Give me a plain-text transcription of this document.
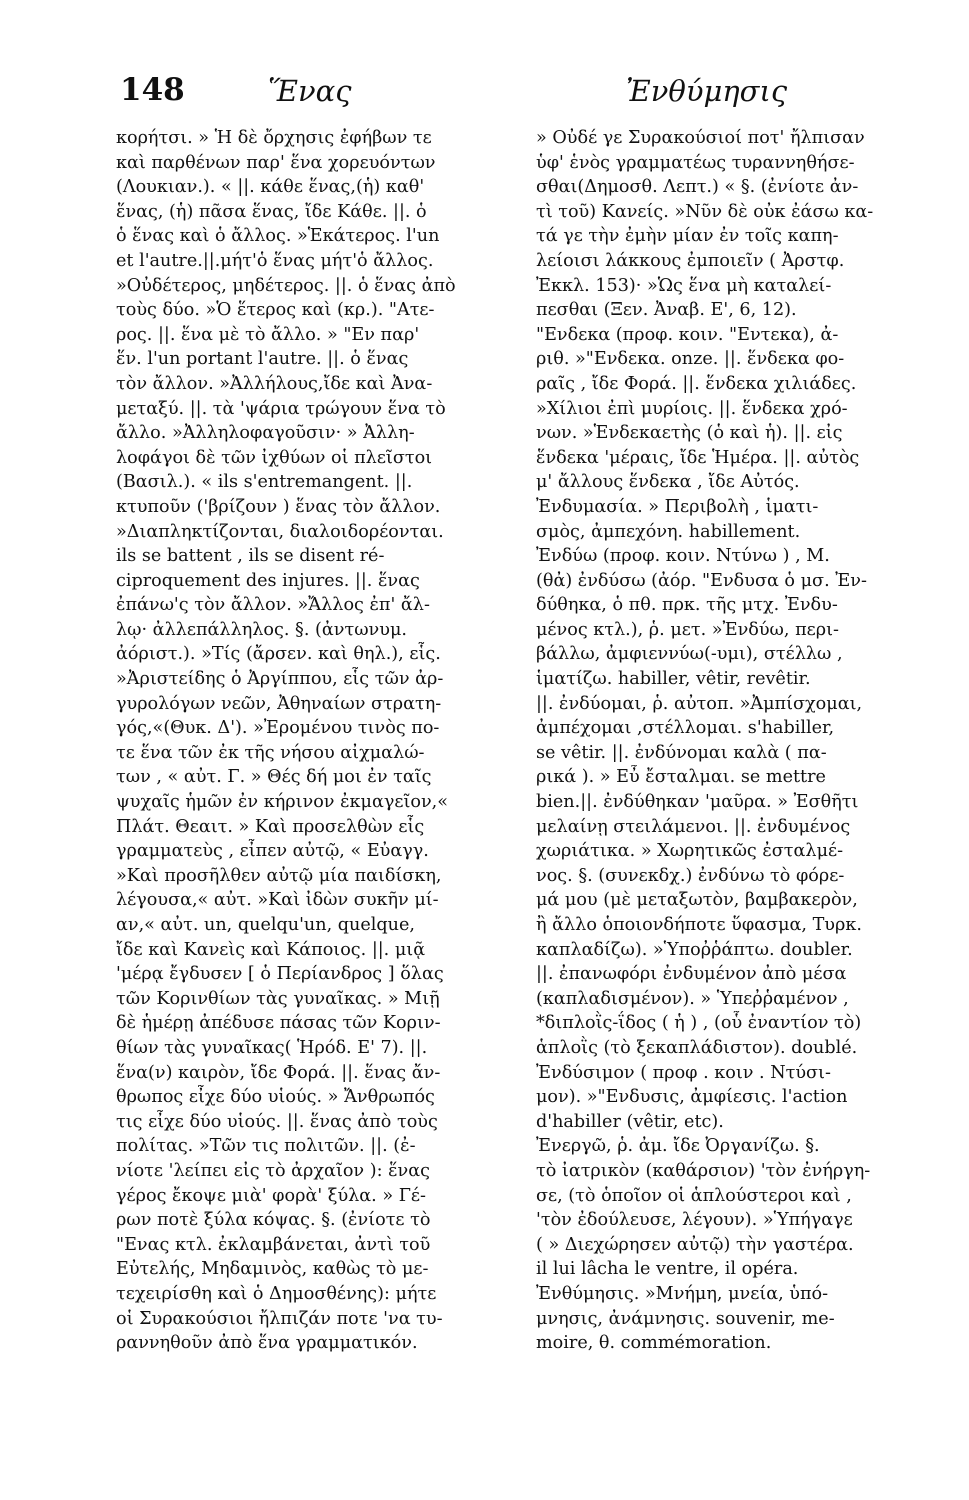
148	Ἕνας	Ἐνθύμησις
κορήτσι. » Ἡ δὲ ὄρχησις ἐφήβων τε
καὶ παρθένων παρ' ἕνα χορευόντων
(Λουκιαν.). « ||. κάθε ἕνας,(ἡ) καθ'
ἕνας, (ἡ) πᾶσα ἕνας, ἴδε Κάθε. ||. ὁ
ὁ ἕνας καὶ ὁ ἄλλος. »Ἑκάτερος. l'un
et l'autre.||.μήτ'ὁ ἕνας μήτ'ὁ ἄλλος.
»Οὐδέτερος, μηδέτερος. ||. ὁ ἕνας ἀπὸ
τοὺς δύο. »Ὁ ἕτερος καὶ (κρ.). "Ατε-
ρος. ||. ἕνα μὲ τὸ ἄλλο. » "Εν παρ'
ἕν. l'un portant l'autre. ||. ὁ ἕνας
τὸν ἄλλον. »Ἀλλήλους,ἴδε καὶ Ἀνα-
μεταξύ. ||. τὰ 'ψάρια τρώγουν ἕνα τὸ
ἄλλο. »Ἀλληλοφαγοῦσιν· » Ἀλλη-
λοφάγοι δὲ τῶν ἰχθύων οἱ πλεῖστοι
(Βασιλ.). « ils s'entremangent. ||.
κτυποῦν ('βρίζουν ) ἕνας τὸν ἄλλον.
»Διαπληκτίζονται, διαλοιδορέονται.
ils se battent , ils se disent ré-
ciproquement des injures. ||. ἕνας
ἐπάνω'ς τὸν ἄλλον. »Ἄλλος ἐπ' ἄλ-
λῳ· ἀλλεπάλληλος. §. (ἀντωνυμ.
ἀόριστ.). »Τίς (ἄρσεν. καὶ θηλ.), εἷς.
»Ἀριστείδης ὁ Ἀργίππου, εἷς τῶν ἀρ-
γυρολόγων νεῶν, Ἀθηναίων στρατη-
γός,«(Θυκ. Δ'). »Ἐρομένου τινὸς πο-
τε ἕνα τῶν ἐκ τῆς νήσου αἰχμαλώ-
των , « αὐτ. Γ. » Θές δή μοι ἐν ταῖς
ψυχαῖς ἡμῶν ἐν κήρινον ἐκμαγεῖον,«
Πλάτ. Θεαιτ. » Καὶ προσελθὼν εἷς
γραμματεὺς , εἶπεν αὐτῷ, « Εὐαγγ.
»Καὶ προσῆλθεν αὐτῷ μία παιδίσκη,
λέγουσα,« αὐτ. »Καὶ ἰδὼν συκῆν μί-
αν,« αὐτ. un, quelqu'un, quelque,
ἴδε καὶ Κανεὶς καὶ Κάποιος. ||. μιᾷ
'μέρᾳ ἔγδυσεν [ ὁ Περίανδρος ] ὅλας
τῶν Κορινθίων τὰς γυναῖκας. » Μιῇ
δὲ ἡμέρῃ ἀπέδυσε πάσας τῶν Κοριν-
θίων τὰς γυναῖκας( Ἡρόδ. Ε' 7). ||.
ἕνα(ν) καιρὸν, ἴδε Φορά. ||. ἕνας ἄν-
θρωπος εἶχε δύο υἱούς. » Ἄνθρωπός
τις εἶχε δύο υἱούς. ||. ἕνας ἀπὸ τοὺς
πολίτας. »Τῶν τις πολιτῶν. ||. (ἐ-
νίοτε 'λείπει εἰς τὸ ἀρχαῖον ): ἕνας
γέρος ἔκοψε μιὰ' φορὰ' ξύλα. » Γέ-
ρων ποτὲ ξύλα κόψας. §. (ἐνίοτε τὸ
"Ενας κτλ. ἐκλαμβάνεται, ἀντὶ τοῦ
Εὐτελής, Μηδαμινὸς, καθὼς τὸ με-
τεχειρίσθη καὶ ὁ Δημοσθένης): μήτε
οἱ Συρακούσιοι ἤλπιζάν ποτε 'να τυ-
ραννηθοῦν ἀπὸ ἕνα γραμματικόν.
» Οὐδέ γε Συρακούσιοί ποτ' ἤλπισαν
ὑφ' ἑνὸς γραμματέως τυραννηθήσε-
σθαι(Δημοσθ. Λεπτ.) « §. (ἐνίοτε ἀν-
τὶ τοῦ) Κανείς. »Νῦν δὲ οὐκ ἐάσω κα-
τά γε τὴν ἐμὴν μίαν ἐν τοῖς καπη-
λείοισι λάκκους ἐμποιεῖν ( Ἀρστφ.
Ἐκκλ. 153)· »Ὡς ἕνα μὴ καταλεί-
πεσθαι (Ξεν. Ἀναβ. Ε', 6, 12).
"Ενδεκα (προφ. κοιν. "Εντεκα), ἀ-
ριθ. »"Ενδεκα. onze. ||. ἕνδεκα φο-
ραῖς , ἴδε Φορά. ||. ἕνδεκα χιλιάδες.
»Χίλιοι ἐπὶ μυρίοις. ||. ἕνδεκα χρό-
νων. »Ἑνδεκαετὴς (ὁ καὶ ἡ). ||. εἰς
ἕνδεκα 'μέραις, ἴδε Ἡμέρα. ||. αὐτὸς
μ' ἄλλους ἕνδεκα , ἴδε Αὐτός.
Ἐνδυμασία. » Περιβολὴ , ἱματι-
σμὸς, ἀμπεχόνη. habillement.
Ἐνδύω (προφ. κοιν. Ντύνω ) , Μ.
(θἀ) ἐνδύσω (ἀόρ. "Ενδυσα ὁ μσ. Ἐν-
δύθηκα, ὁ πθ. πρκ. τῆς μτχ. Ἐνδυ-
μένος κτλ.), ῥ. μετ. »Ἐνδύω, περι-
βάλλω, ἀμφιεννύω(-υμι), στέλλω ,
ἱματίζω. habiller, vêtir, revêtir.
||. ἐνδύομαι, ῥ. αὐτοπ. »Ἀμπίσχομαι,
ἀμπέχομαι ,στέλλομαι. s'habiller,
se vêtir. ||. ἐνδύνομαι καλὰ ( πα-
ρικά ). » Εὖ ἔσταλμαι. se mettre
bien.||. ἐνδύθηκαν 'μαῦρα. » Ἐσθῆτι
μελαίνῃ στειλάμενοι. ||. ἐνδυμένος
χωριάτικα. » Χωρητικῶς ἐσταλμέ-
νος. §. (συνεκδχ.) ἐνδύνω τὸ φόρε-
μά μου (μὲ μεταξωτὸν, βαμβακερὸν,
ἢ ἄλλο ὁποιονδήποτε ὕφασμα, Τυρκ.
καπλαδίζω). »Ὑποῤῥάπτω. doubler.
||. ἐπανωφόρι ἐνδυμένον ἀπὸ μέσα
(καπλαδισμένον). » Ὑπεῤῥαμένον ,
*διπλοῒς-ΐδος ( ἡ ) , (οὗ ἐναντίον τὸ)
ἁπλοῒς (τὸ ξεκαπλάδιστον). doublé.
Ἐνδύσιμον ( προφ . κοιν . Ντύσι-
μον). »"Ενδυσις, ἀμφίεσις. l'action
d'habiller (vêtir, etc).
Ἐνεργῶ, ῥ. ἀμ. ἴδε Ὀργανίζω. §.
τὸ ἰατρικὸν (καθάρσιον) 'τὸν ἐνήργη-
σε, (τὸ ὁποῖον οἱ ἁπλούστεροι καὶ ,
'τὸν ἐδούλευσε, λέγουν). »Ὑπήγαγε
( » Διεχώρησεν αὐτῷ) τὴν γαστέρα.
il lui lâcha le ventre, il opéra.
Ἐνθύμησις. »Μνήμη, μνεία, ὑπό-
μνησις, ἀνάμνησις. souvenir, me-
moire, θ. commémoration.
